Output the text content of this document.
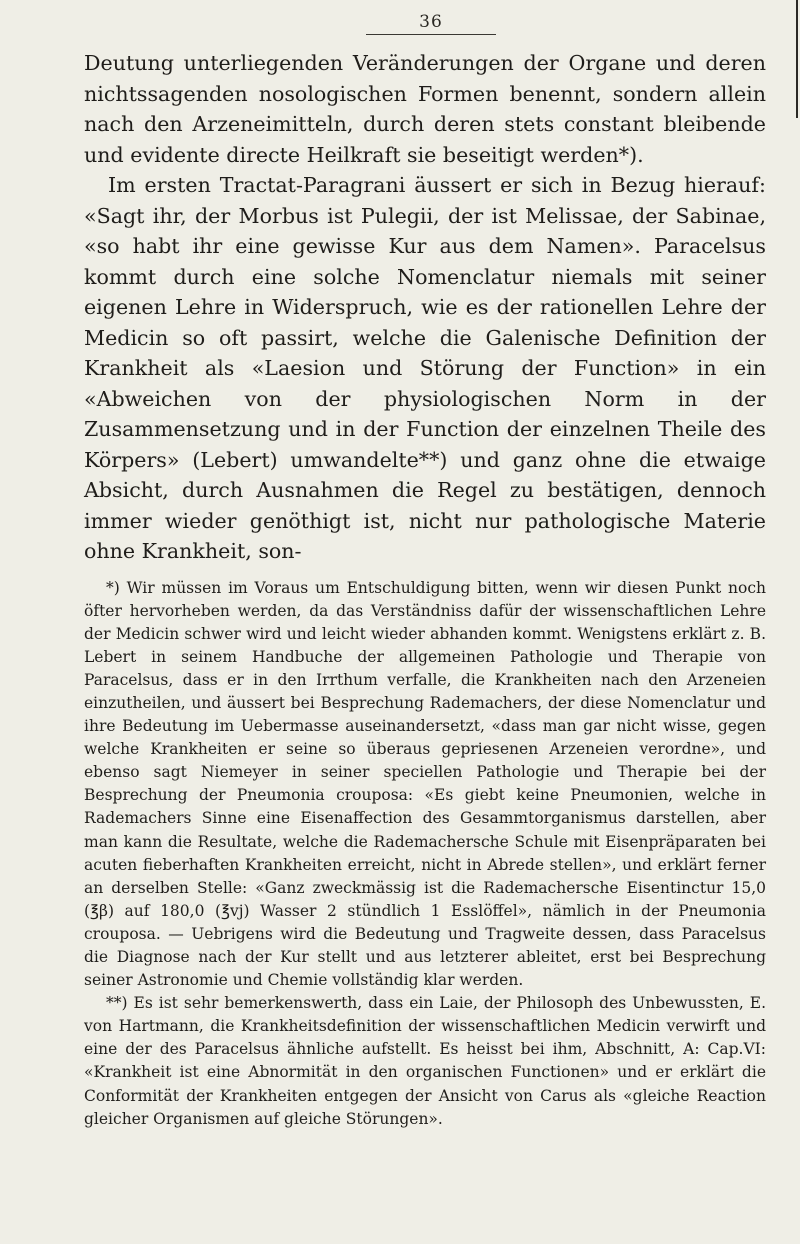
36

Deutung unterliegenden Veränderungen der Organe und deren nichtssagenden nosologischen Formen benennt, sondern allein nach den Arzeneimitteln, durch deren stets constant bleibende und evidente directe Heilkraft sie beseitigt werden*).

Im ersten Tractat-Paragrani äussert er sich in Bezug hierauf: «Sagt ihr, der Morbus ist Pulegii, der ist Melissae, der Sabinae, «so habt ihr eine gewisse Kur aus dem Namen». Paracelsus kommt durch eine solche Nomenclatur niemals mit seiner eigenen Lehre in Widerspruch, wie es der rationellen Lehre der Medicin so oft passirt, welche die Galenische Definition der Krankheit als «Laesion und Störung der Function» in ein «Abweichen von der physiologischen Norm in der Zusammensetzung und in der Function der einzelnen Theile des Körpers» (Lebert) umwandelte**) und ganz ohne die etwaige Absicht, durch Ausnahmen die Regel zu bestätigen, dennoch immer wieder genöthigt ist, nicht nur pathologische Materie ohne Krankheit, son-

*) Wir müssen im Voraus um Entschuldigung bitten, wenn wir diesen Punkt noch öfter hervorheben werden, da das Verständniss dafür der wissenschaftlichen Lehre der Medicin schwer wird und leicht wieder abhanden kommt. Wenigstens erklärt z. B. Lebert in seinem Handbuche der allgemeinen Pathologie und Therapie von Paracelsus, dass er in den Irrthum verfalle, die Krankheiten nach den Arzeneien einzutheilen, und äussert bei Besprechung Rademachers, der diese Nomenclatur und ihre Bedeutung im Uebermasse auseinandersetzt, «dass man gar nicht wisse, gegen welche Krankheiten er seine so überaus gepriesenen Arzeneien verordne», und ebenso sagt Niemeyer in seiner speciellen Pathologie und Therapie bei der Besprechung der Pneumonia crouposa: «Es giebt keine Pneumonien, welche in Rademachers Sinne eine Eisenaffection des Gesammtorganismus darstellen, aber man kann die Resultate, welche die Rademachersche Schule mit Eisenpräparaten bei acuten fieberhaften Krankheiten erreicht, nicht in Abrede stellen», und erklärt ferner an derselben Stelle: «Ganz zweckmässig ist die Rademachersche Eisentinctur 15,0 (℥β) auf 180,0 (℥vj) Wasser 2 stündlich 1 Esslöffel», nämlich in der Pneumonia crouposa. — Uebrigens wird die Bedeutung und Tragweite dessen, dass Paracelsus die Diagnose nach der Kur stellt und aus letzterer ableitet, erst bei Besprechung seiner Astronomie und Chemie vollständig klar werden.

**) Es ist sehr bemerkenswerth, dass ein Laie, der Philosoph des Unbewussten, E. von Hartmann, die Krankheitsdefinition der wissenschaftlichen Medicin verwirft und eine der des Paracelsus ähnliche aufstellt. Es heisst bei ihm, Abschnitt, A: Cap.VI: «Krankheit ist eine Abnormität in den organischen Functionen» und er erklärt die Conformität der Krankheiten entgegen der Ansicht von Carus als «gleiche Reaction gleicher Organismen auf gleiche Störungen».
